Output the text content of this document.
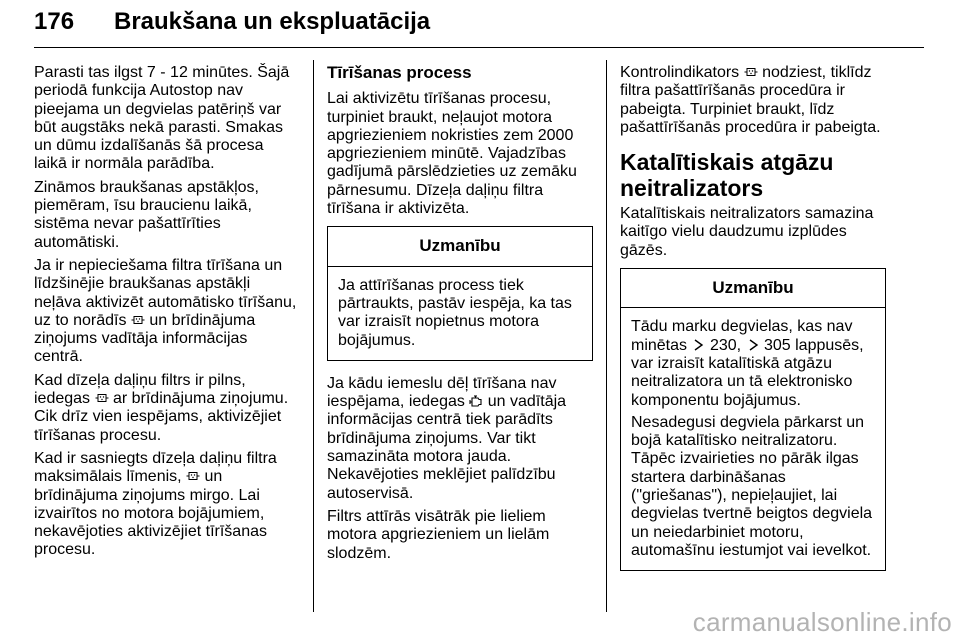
176 Braukšana un ekspluatācija

Parasti tas ilgst 7 - 12 minūtes. Šajā periodā funkcija Autostop nav pieejama un degvielas patēriņš var būt augstāks nekā parasti. Smakas un dūmu izdalīšanās šā procesa laikā ir normāla parādība.

Zināmos braukšanas apstākļos, piemēram, īsu braucienu laikā, sistēma nevar pašattīrīties automātiski.

Ja ir nepieciešama filtra tīrīšana un līdzšinējie braukšanas apstākļi neļāva aktivizēt automātisko tīrīšanu, uz to norādīs un brīdinājuma ziņojums vadītāja informācijas centrā.

Kad dīzeļa daļiņu filtrs ir pilns, iedegas ar brīdinājuma ziņojumu. Cik drīz vien iespējams, aktivizējiet tīrīšanas procesu.

Kad ir sasniegts dīzeļa daļiņu filtra maksimālais līmenis, un brīdinājuma ziņojums mirgo. Lai izvairītos no motora bojājumiem, nekavējoties aktivizējiet tīrīšanas procesu.

Tīrīšanas process

Lai aktivizētu tīrīšanas procesu, turpiniet braukt, neļaujot motora apgriezieniem nokristies zem 2000 apgriezieniem minūtē. Vajadzības gadījumā pārslēdzieties uz zemāku pārnesumu. Dīzeļa daļiņu filtra tīrīšana ir aktivizēta.

Uzmanību

Ja attīrīšanas process tiek pārtraukts, pastāv iespēja, ka tas var izraisīt nopietnus motora bojājumus.

Ja kādu iemeslu dēļ tīrīšana nav iespējama, iedegas un vadītāja informācijas centrā tiek parādīts brīdinājuma ziņojums. Var tikt samazināta motora jauda. Nekavējoties meklējiet palīdzību autoservisā.

Filtrs attīrās visātrāk pie lieliem motora apgriezieniem un lielām slodzēm.

Kontrolindikators nodziest, tiklīdz filtra pašattīrīšanās procedūra ir pabeigta. Turpiniet braukt, līdz pašattīrīšanās procedūra ir pabeigta.

Katalītiskais atgāzu neitralizators

Katalītiskais neitralizators samazina kaitīgo vielu daudzumu izplūdes gāzēs.

Uzmanību

Tādu marku degvielas, kas nav minētas 230, 305 lappusēs, var izraisīt katalītiskā atgāzu neitralizatora un tā elektronisko komponentu bojājumus.

Nesadegusi degviela pārkarst un bojā katalītisko neitralizatoru. Tāpēc izvairieties no pārāk ilgas startera darbināšanas ("griešanas"), nepieļaujiet, lai degvielas tvertnē beigtos degviela un neiedarbiniet motoru, automašīnu iestumjot vai ievelkot.

carmanualsonline.info
